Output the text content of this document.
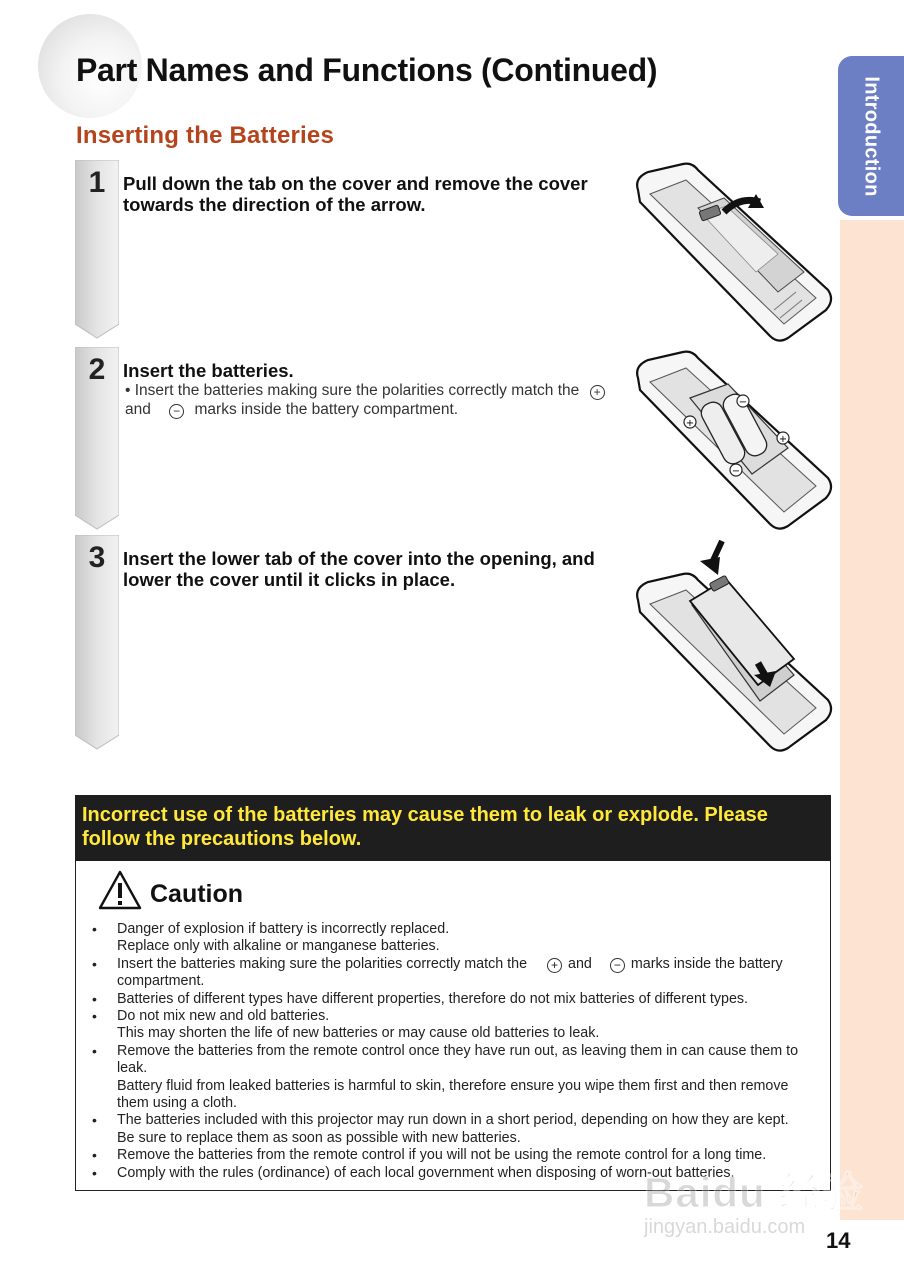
Part Names and Functions (Continued)
Inserting the Batteries	Introduction
1 Pull down the tab on the cover and remove the cover towards the direction of the arrow.

2 Insert the batteries.

• Insert the batteries making sure the polarities correctly match the + and − marks inside the battery compartment.
3 Insert the lower tab of the cover into the opening, and lower the cover until it clicks in place.

+
−
+
−

Incorrect use of the batteries may cause them to leak or explode. Please follow the precautions below.

Caution
• Danger of explosion if battery is incorrectly replaced.
Replace only with alkaline or manganese batteries.
• Insert the batteries making sure the polarities correctly match the + and − marks inside the battery compartment.
• Batteries of different types have different properties, therefore do not mix batteries of different types.
• Do not mix new and old batteries.
This may shorten the life of new batteries or may cause old batteries to leak.
• Remove the batteries from the remote control once they have run out, as leaving them in can cause them to leak.
Battery fluid from leaked batteries is harmful to skin, therefore ensure you wipe them first and then remove them using a cloth.
• The batteries included with this projector may run down in a short period, depending on how they are kept.
Be sure to replace them as soon as possible with new batteries.
• Remove the batteries from the remote control if you will not be using the remote control for a long time.
• Comply with the rules (ordinance) of each local government when disposing of worn-out batteries.
Baidu 经验
jingyan.baidu.com
14
